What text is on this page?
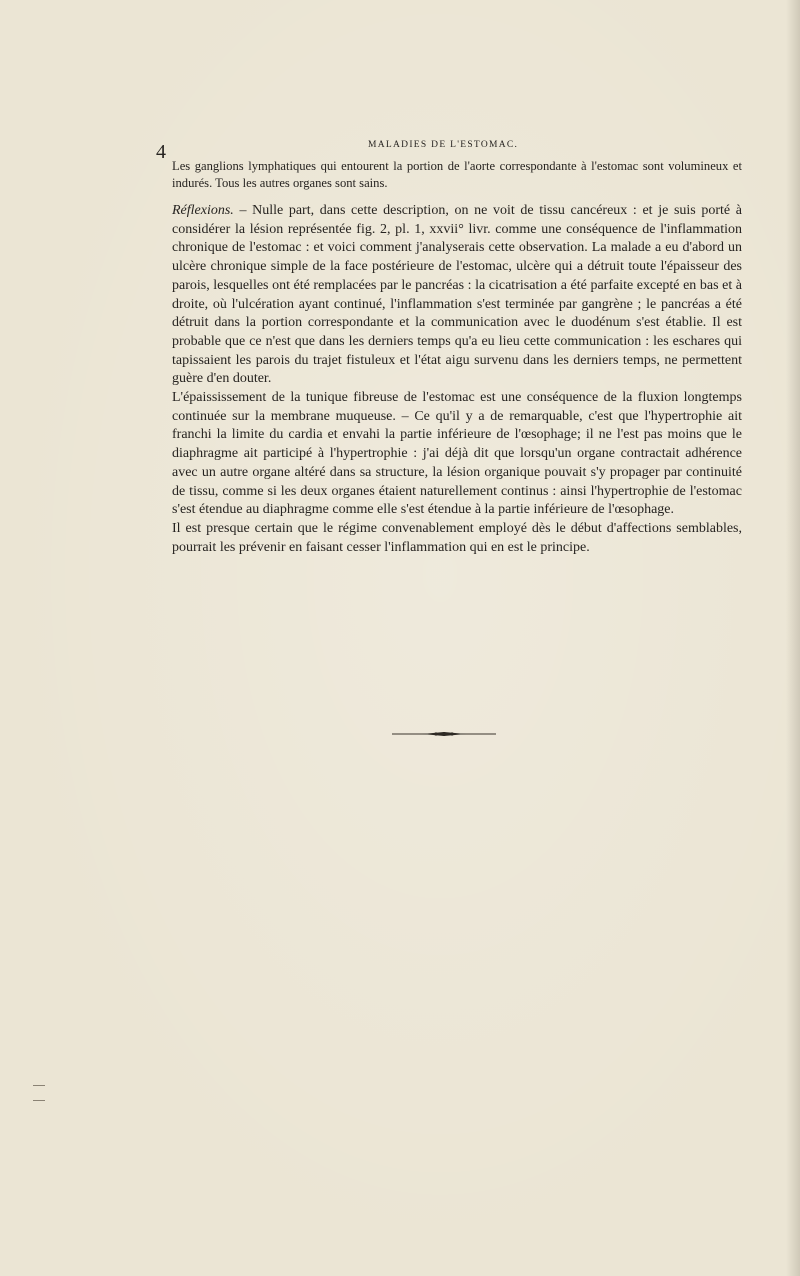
4	MALADIES DE L'ESTOMAC.

Les ganglions lymphatiques qui entourent la portion de l'aorte correspondante à l'estomac sont volumineux et indurés. Tous les autres organes sont sains.

Réflexions. – Nulle part, dans cette description, on ne voit de tissu cancéreux : et je suis porté à considérer la lésion représentée fig. 2, pl. 1, xxvii° livr. comme une conséquence de l'inflammation chronique de l'estomac : et voici comment j'analyserais cette observation. La malade a eu d'abord un ulcère chronique simple de la face postérieure de l'estomac, ulcère qui a détruit toute l'épaisseur des parois, lesquelles ont été remplacées par le pancréas : la cicatrisation a été parfaite excepté en bas et à droite, où l'ulcération ayant continué, l'inflammation s'est terminée par gangrène ; le pancréas a été détruit dans la portion correspondante et la communication avec le duodénum s'est établie. Il est probable que ce n'est que dans les derniers temps qu'a eu lieu cette communication : les eschares qui tapissaient les parois du trajet fistuleux et l'état aigu survenu dans les derniers temps, ne permettent guère d'en douter.

L'épaississement de la tunique fibreuse de l'estomac est une conséquence de la fluxion longtemps continuée sur la membrane muqueuse. – Ce qu'il y a de remarquable, c'est que l'hypertrophie ait franchi la limite du cardia et envahi la partie inférieure de l'œsophage; il ne l'est pas moins que le diaphragme ait participé à l'hypertrophie : j'ai déjà dit que lorsqu'un organe contractait adhérence avec un autre organe altéré dans sa structure, la lésion organique pouvait s'y propager par continuité de tissu, comme si les deux organes étaient naturellement continus : ainsi l'hypertrophie de l'estomac s'est étendue au diaphragme comme elle s'est étendue à la partie inférieure de l'œsophage.

Il est presque certain que le régime convenablement employé dès le début d'affections semblables, pourrait les prévenir en faisant cesser l'inflammation qui en est le principe.
